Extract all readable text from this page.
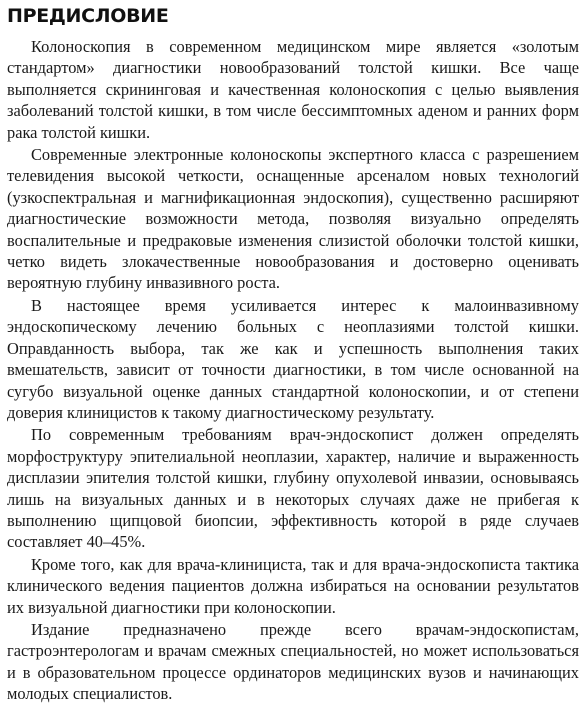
ПРЕДИСЛОВИЕ

Колоноскопия в современном медицинском мире является «золотым стандартом» диагностики новообразований толстой кишки. Все чаще выполняется скрининговая и качественная колоноскопия с целью выявления заболеваний толстой кишки, в том числе бессимптомных аденом и ранних форм рака толстой кишки.

Современные электронные колоноскопы экспертного класса с разрешением телевидения высокой четкости, оснащенные арсеналом новых технологий (узкоспектральная и магнификационная эндоскопия), существенно расширяют диагностические возможности метода, позволяя визуально определять воспалительные и предраковые изменения слизистой оболочки толстой кишки, четко видеть злокачественные новообразования и достоверно оценивать вероятную глубину инвазивного роста.

В настоящее время усиливается интерес к малоинвазивному эндоскопическому лечению больных с неоплазиями толстой кишки. Оправданность выбора, так же как и успешность выполнения таких вмешательств, зависит от точности диагностики, в том числе основанной на сугубо визуальной оценке данных стандартной колоноскопии, и от степени доверия клиницистов к такому диагностическому результату.

По современным требованиям врач-эндоскопист должен определять морфоструктуру эпителиальной неоплазии, характер, наличие и выраженность дисплазии эпителия толстой кишки, глубину опухолевой инвазии, основываясь лишь на визуальных данных и в некоторых случаях даже не прибегая к выполнению щипцовой биопсии, эффективность которой в ряде случаев составляет 40–45%.

Кроме того, как для врача-клинициста, так и для врача-эндоскописта тактика клинического ведения пациентов должна избираться на основании результатов их визуальной диагностики при колоноскопии.

Издание предназначено прежде всего врачам-эндоскопистам, гастроэнтерологам и врачам смежных специальностей, но может использоваться и в образовательном процессе ординаторов медицинских вузов и начинающих молодых специалистов.
